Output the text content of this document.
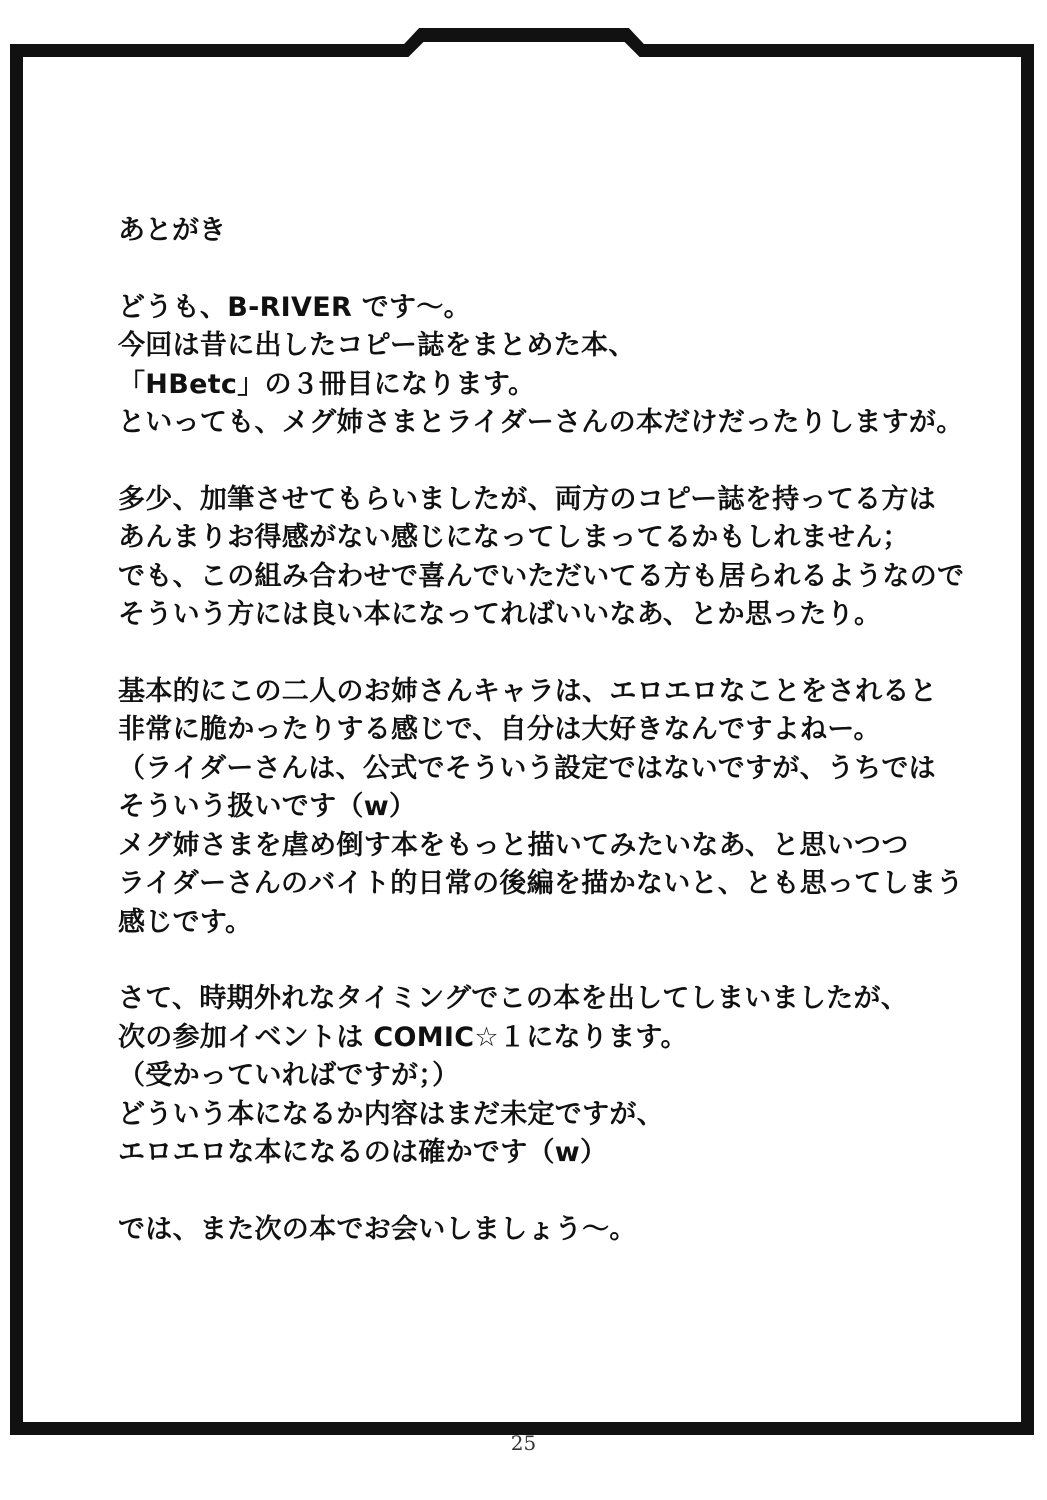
あとがき
どうも、B-RIVER です～。
今回は昔に出したコピー誌をまとめた本、
「HBetc」の３冊目になります。
といっても、メグ姉さまとライダーさんの本だけだったりしますが。
多少、加筆させてもらいましたが、両方のコピー誌を持ってる方は
あんまりお得感がない感じになってしまってるかもしれません；
でも、この組み合わせで喜んでいただいてる方も居られるようなので
そういう方には良い本になってればいいなあ、とか思ったり。
基本的にこの二人のお姉さんキャラは、エロエロなことをされると
非常に脆かったりする感じで、自分は大好きなんですよねー。
（ライダーさんは、公式でそういう設定ではないですが、うちでは
そういう扱いです（w）
メグ姉さまを虐め倒す本をもっと描いてみたいなあ、と思いつつ
ライダーさんのバイト的日常の後編を描かないと、とも思ってしまう
感じです。
さて、時期外れなタイミングでこの本を出してしまいましたが、
次の参加イベントは COMIC☆１になります。
（受かっていればですが；）
どういう本になるか内容はまだ未定ですが、
エロエロな本になるのは確かです（w）
では、また次の本でお会いしましょう～。
25
